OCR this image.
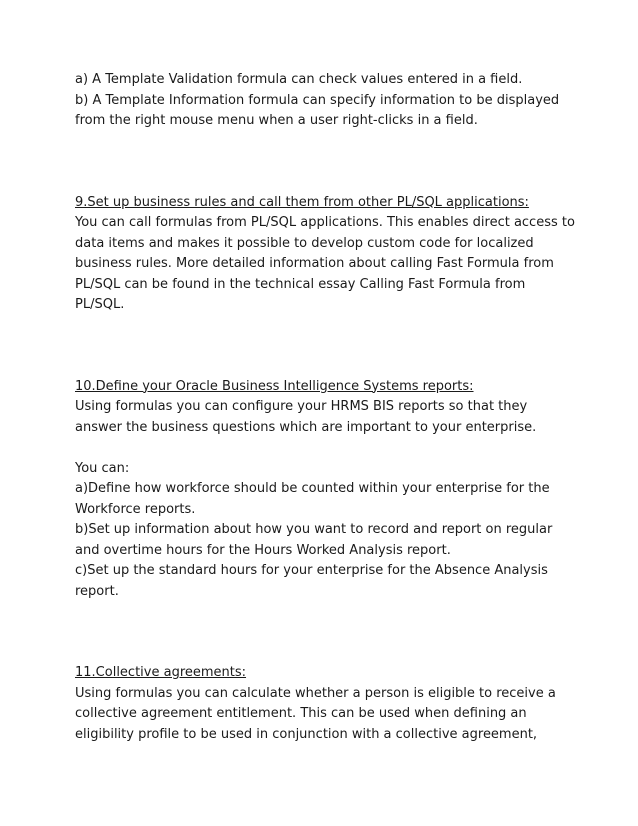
a) A Template Validation formula can check values entered in a field.
b) A Template Information formula can specify information to be displayed
from the right mouse menu when a user right-clicks in a field.
9.Set up business rules and call them from other PL/SQL applications:
You can call formulas from PL/SQL applications. This enables direct access to
data items and makes it possible to develop custom code for localized
business rules. More detailed information about calling Fast Formula from
PL/SQL can be found in the technical essay Calling Fast Formula from
PL/SQL.
10.Define your Oracle Business Intelligence Systems reports:
Using formulas you can configure your HRMS BIS reports so that they
answer the business questions which are important to your enterprise.
You can:
a)Define how workforce should be counted within your enterprise for the
Workforce reports.
b)Set up information about how you want to record and report on regular
and overtime hours for the Hours Worked Analysis report.
c)Set up the standard hours for your enterprise for the Absence Analysis
report.
11.Collective agreements:
Using formulas you can calculate whether a person is eligible to receive a
collective agreement entitlement. This can be used when defining an
eligibility profile to be used in conjunction with a collective agreement,
